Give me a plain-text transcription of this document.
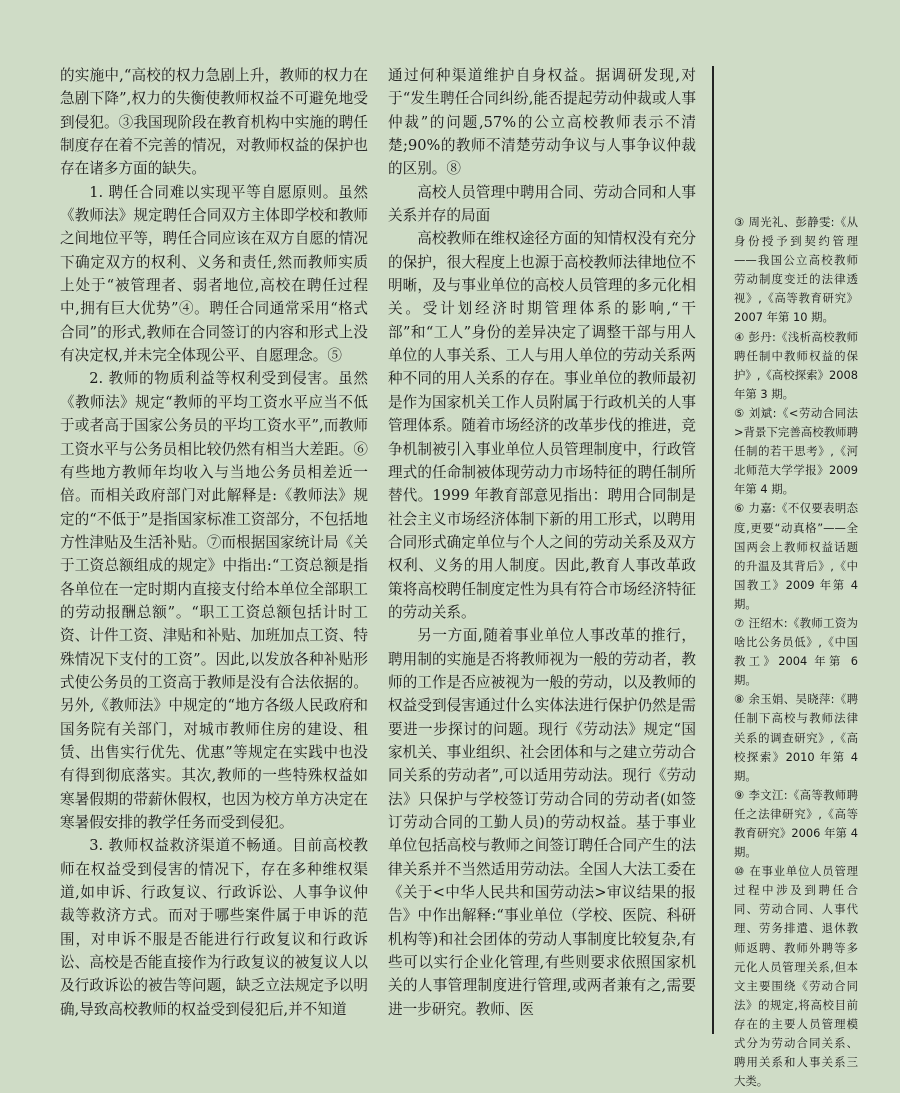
的实施中,“高校的权力急剧上升，教师的权力在急剧下降”,权力的失衡使教师权益不可避免地受到侵犯。③我国现阶段在教育机构中实施的聘任制度存在着不完善的情况，对教师权益的保护也存在诸多方面的缺失。

1. 聘任合同难以实现平等自愿原则。虽然《教师法》规定聘任合同双方主体即学校和教师之间地位平等，聘任合同应该在双方自愿的情况下确定双方的权利、义务和责任,然而教师实质上处于“被管理者、弱者地位,高校在聘任过程中,拥有巨大优势”④。聘任合同通常采用“格式合同”的形式,教师在合同签订的内容和形式上没有决定权,并未完全体现公平、自愿理念。⑤

2. 教师的物质利益等权利受到侵害。虽然《教师法》规定“教师的平均工资水平应当不低于或者高于国家公务员的平均工资水平”,而教师工资水平与公务员相比较仍然有相当大差距。⑥有些地方教师年均收入与当地公务员相差近一倍。而相关政府部门对此解释是:《教师法》规定的“不低于”是指国家标准工资部分，不包括地方性津贴及生活补贴。⑦而根据国家统计局《关于工资总额组成的规定》中指出:“工资总额是指各单位在一定时期内直接支付给本单位全部职工的劳动报酬总额”。“职工工资总额包括计时工资、计件工资、津贴和补贴、加班加点工资、特殊情况下支付的工资”。因此,以发放各种补贴形式使公务员的工资高于教师是没有合法依据的。另外,《教师法》中规定的“地方各级人民政府和国务院有关部门，对城市教师住房的建设、租赁、出售实行优先、优惠”等规定在实践中也没有得到彻底落实。其次,教师的一些特殊权益如寒暑假期的带薪休假权，也因为校方单方决定在寒暑假安排的教学任务而受到侵犯。

3. 教师权益救济渠道不畅通。目前高校教师在权益受到侵害的情况下，存在多种维权渠道,如申诉、行政复议、行政诉讼、人事争议仲裁等救济方式。而对于哪些案件属于申诉的范围，对申诉不服是否能进行行政复议和行政诉讼、高校是否能直接作为行政复议的被复议人以及行政诉讼的被告等问题，缺乏立法规定予以明确,导致高校教师的权益受到侵犯后,并不知道

通过何种渠道维护自身权益。据调研发现,对于“发生聘任合同纠纷,能否提起劳动仲裁或人事仲裁”的问题,57%的公立高校教师表示不清楚;90%的教师不清楚劳动争议与人事争议仲裁的区别。⑧

高校人员管理中聘用合同、劳动合同和人事关系并存的局面

高校教师在维权途径方面的知情权没有充分的保护，很大程度上也源于高校教师法律地位不明晰，及与事业单位的高校人员管理的多元化相关。受计划经济时期管理体系的影响,“干部”和“工人”身份的差异决定了调整干部与用人单位的人事关系、工人与用人单位的劳动关系两种不同的用人关系的存在。事业单位的教师最初是作为国家机关工作人员附属于行政机关的人事管理体系。随着市场经济的改革步伐的推进，竞争机制被引入事业单位人员管理制度中，行政管理式的任命制被体现劳动力市场特征的聘任制所替代。1999 年教育部意见指出：聘用合同制是社会主义市场经济体制下新的用工形式，以聘用合同形式确定单位与个人之间的劳动关系及双方权利、义务的用人制度。因此,教育人事改革政策将高校聘任制度定性为具有符合市场经济特征的劳动关系。

另一方面,随着事业单位人事改革的推行，聘用制的实施是否将教师视为一般的劳动者，教师的工作是否应被视为一般的劳动，以及教师的权益受到侵害通过什么实体法进行保护仍然是需要进一步探讨的问题。现行《劳动法》规定“国家机关、事业组织、社会团体和与之建立劳动合同关系的劳动者”,可以适用劳动法。现行《劳动法》只保护与学校签订劳动合同的劳动者(如签订劳动合同的工勤人员)的劳动权益。基于事业单位包括高校与教师之间签订聘任合同产生的法律关系并不当然适用劳动法。全国人大法工委在《关于<中华人民共和国劳动法>审议结果的报告》中作出解释:“事业单位（学校、医院、科研机构等)和社会团体的劳动人事制度比较复杂,有些可以实行企业化管理,有些则要求依照国家机关的人事管理制度进行管理,或两者兼有之,需要进一步研究。教师、医

③ 周光礼、彭静雯:《从身份授予到契约管理——我国公立高校教师劳动制度变迁的法律透视》,《高等教育研究》2007 年第 10 期。

④ 彭丹:《浅析高校教师聘任制中教师权益的保护》,《高校探索》2008 年第 3 期。

⑤ 刘斌:《<劳动合同法>背景下完善高校教师聘任制的若干思考》,《河北师范大学学报》2009 年第 4 期。

⑥ 力嘉:《不仅要表明态度,更要“动真格”——全国两会上教师权益话题的升温及其背后》,《中国教工》2009 年第 4 期。

⑦ 汪绍木:《教师工资为啥比公务员低》,《中国教工》2004 年第 6 期。

⑧ 余玉娟、吴晓萍:《聘任制下高校与教师法律关系的调查研究》,《高校探索》2010 年第 4 期。

⑨ 李文江:《高等教师聘任之法律研究》,《高等教育研究》2006 年第 4 期。

⑩ 在事业单位人员管理过程中涉及到聘任合同、劳动合同、人事代理、劳务排遣、退休教师返聘、教师外聘等多元化人员管理关系,但本文主要围绕《劳动合同法》的规定,将高校目前存在的主要人员管理模式分为劳动合同关系、聘用关系和人事关系三大类。
